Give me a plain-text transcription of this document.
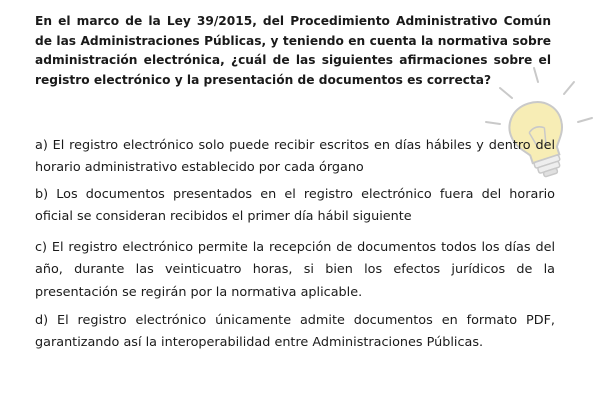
En el marco de la Ley 39/2015, del Procedimiento Administrativo Común de las Administraciones Públicas, y teniendo en cuenta la normativa sobre administración electrónica, ¿cuál de las siguientes afirmaciones sobre el registro electrónico y la presentación de documentos es correcta?

a) El registro electrónico solo puede recibir escritos en días hábiles y dentro del horario administrativo establecido por cada órgano

b) Los documentos presentados en el registro electrónico fuera del horario oficial se consideran recibidos el primer día hábil siguiente

c) El registro electrónico permite la recepción de documentos todos los días del año, durante las veinticuatro horas, si bien los efectos jurídicos de la presentación se regirán por la normativa aplicable.

d) El registro electrónico únicamente admite documentos en formato PDF, garantizando así la interoperabilidad entre Administraciones Públicas.
